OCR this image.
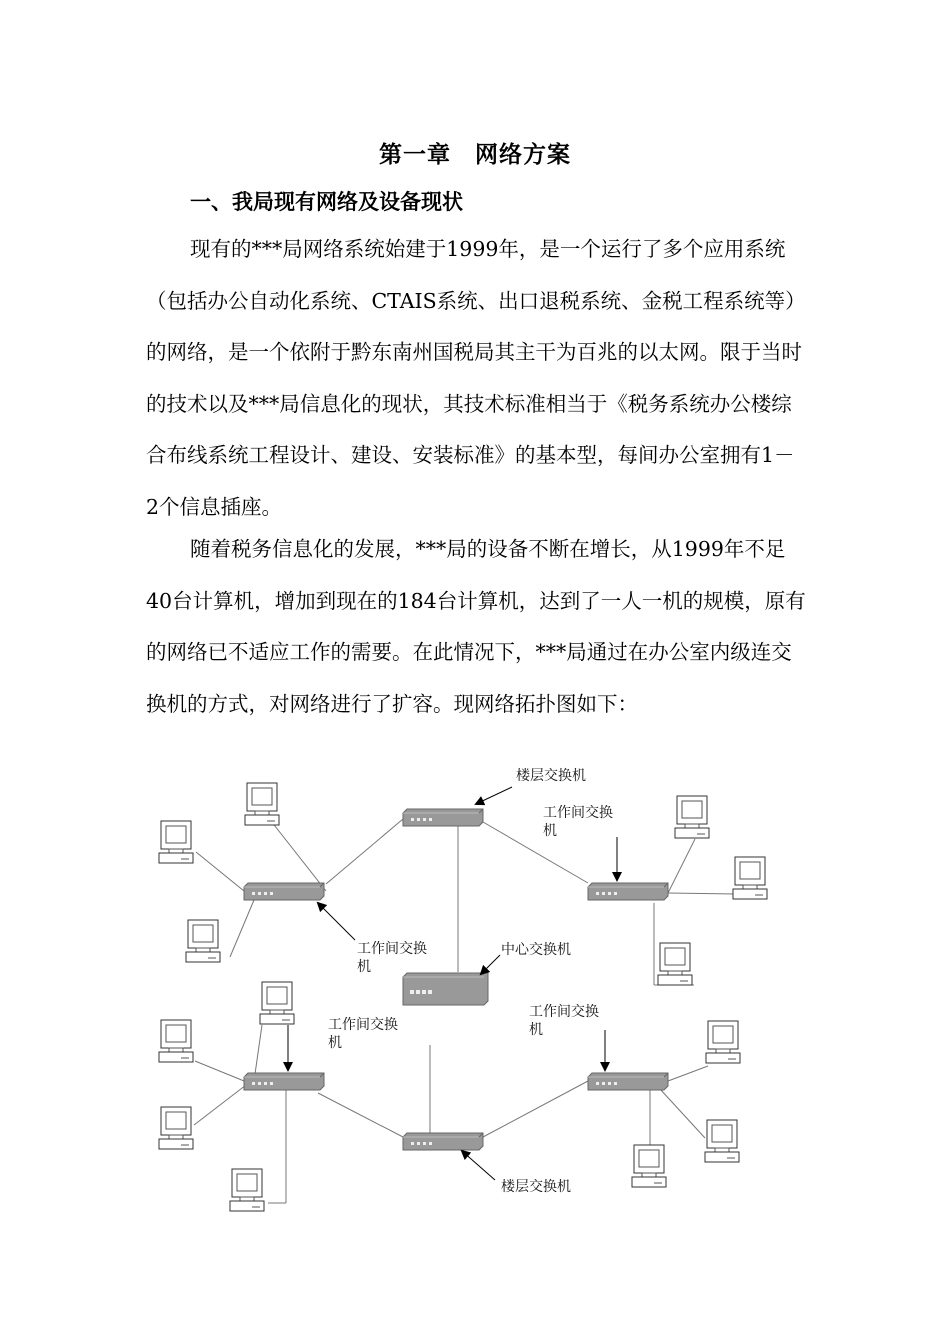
第一章　网络方案
一、我局现有网络及设备现状

现有的***局网络系统始建于1999年，是一个运行了多个应用系统（包括办公自动化系统、CTAIS系统、出口退税系统、金税工程系统等）的网络，是一个依附于黔东南州国税局其主干为百兆的以太网。限于当时的技术以及***局信息化的现状，其技术标准相当于《税务系统办公楼综合布线系统工程设计、建设、安装标准》的基本型，每间办公室拥有1－2个信息插座。

随着税务信息化的发展，***局的设备不断在增长，从1999年不足40台计算机，增加到现在的184台计算机，达到了一人一机的规模，原有的网络已不适应工作的需要。在此情况下，***局通过在办公室内级连交换机的方式，对网络进行了扩容。现网络拓扑图如下：

楼层交换机
工作间交换
机
工作间交换
机
中心交换机
工作间交换
机
工作间交换
机
楼层交换机
